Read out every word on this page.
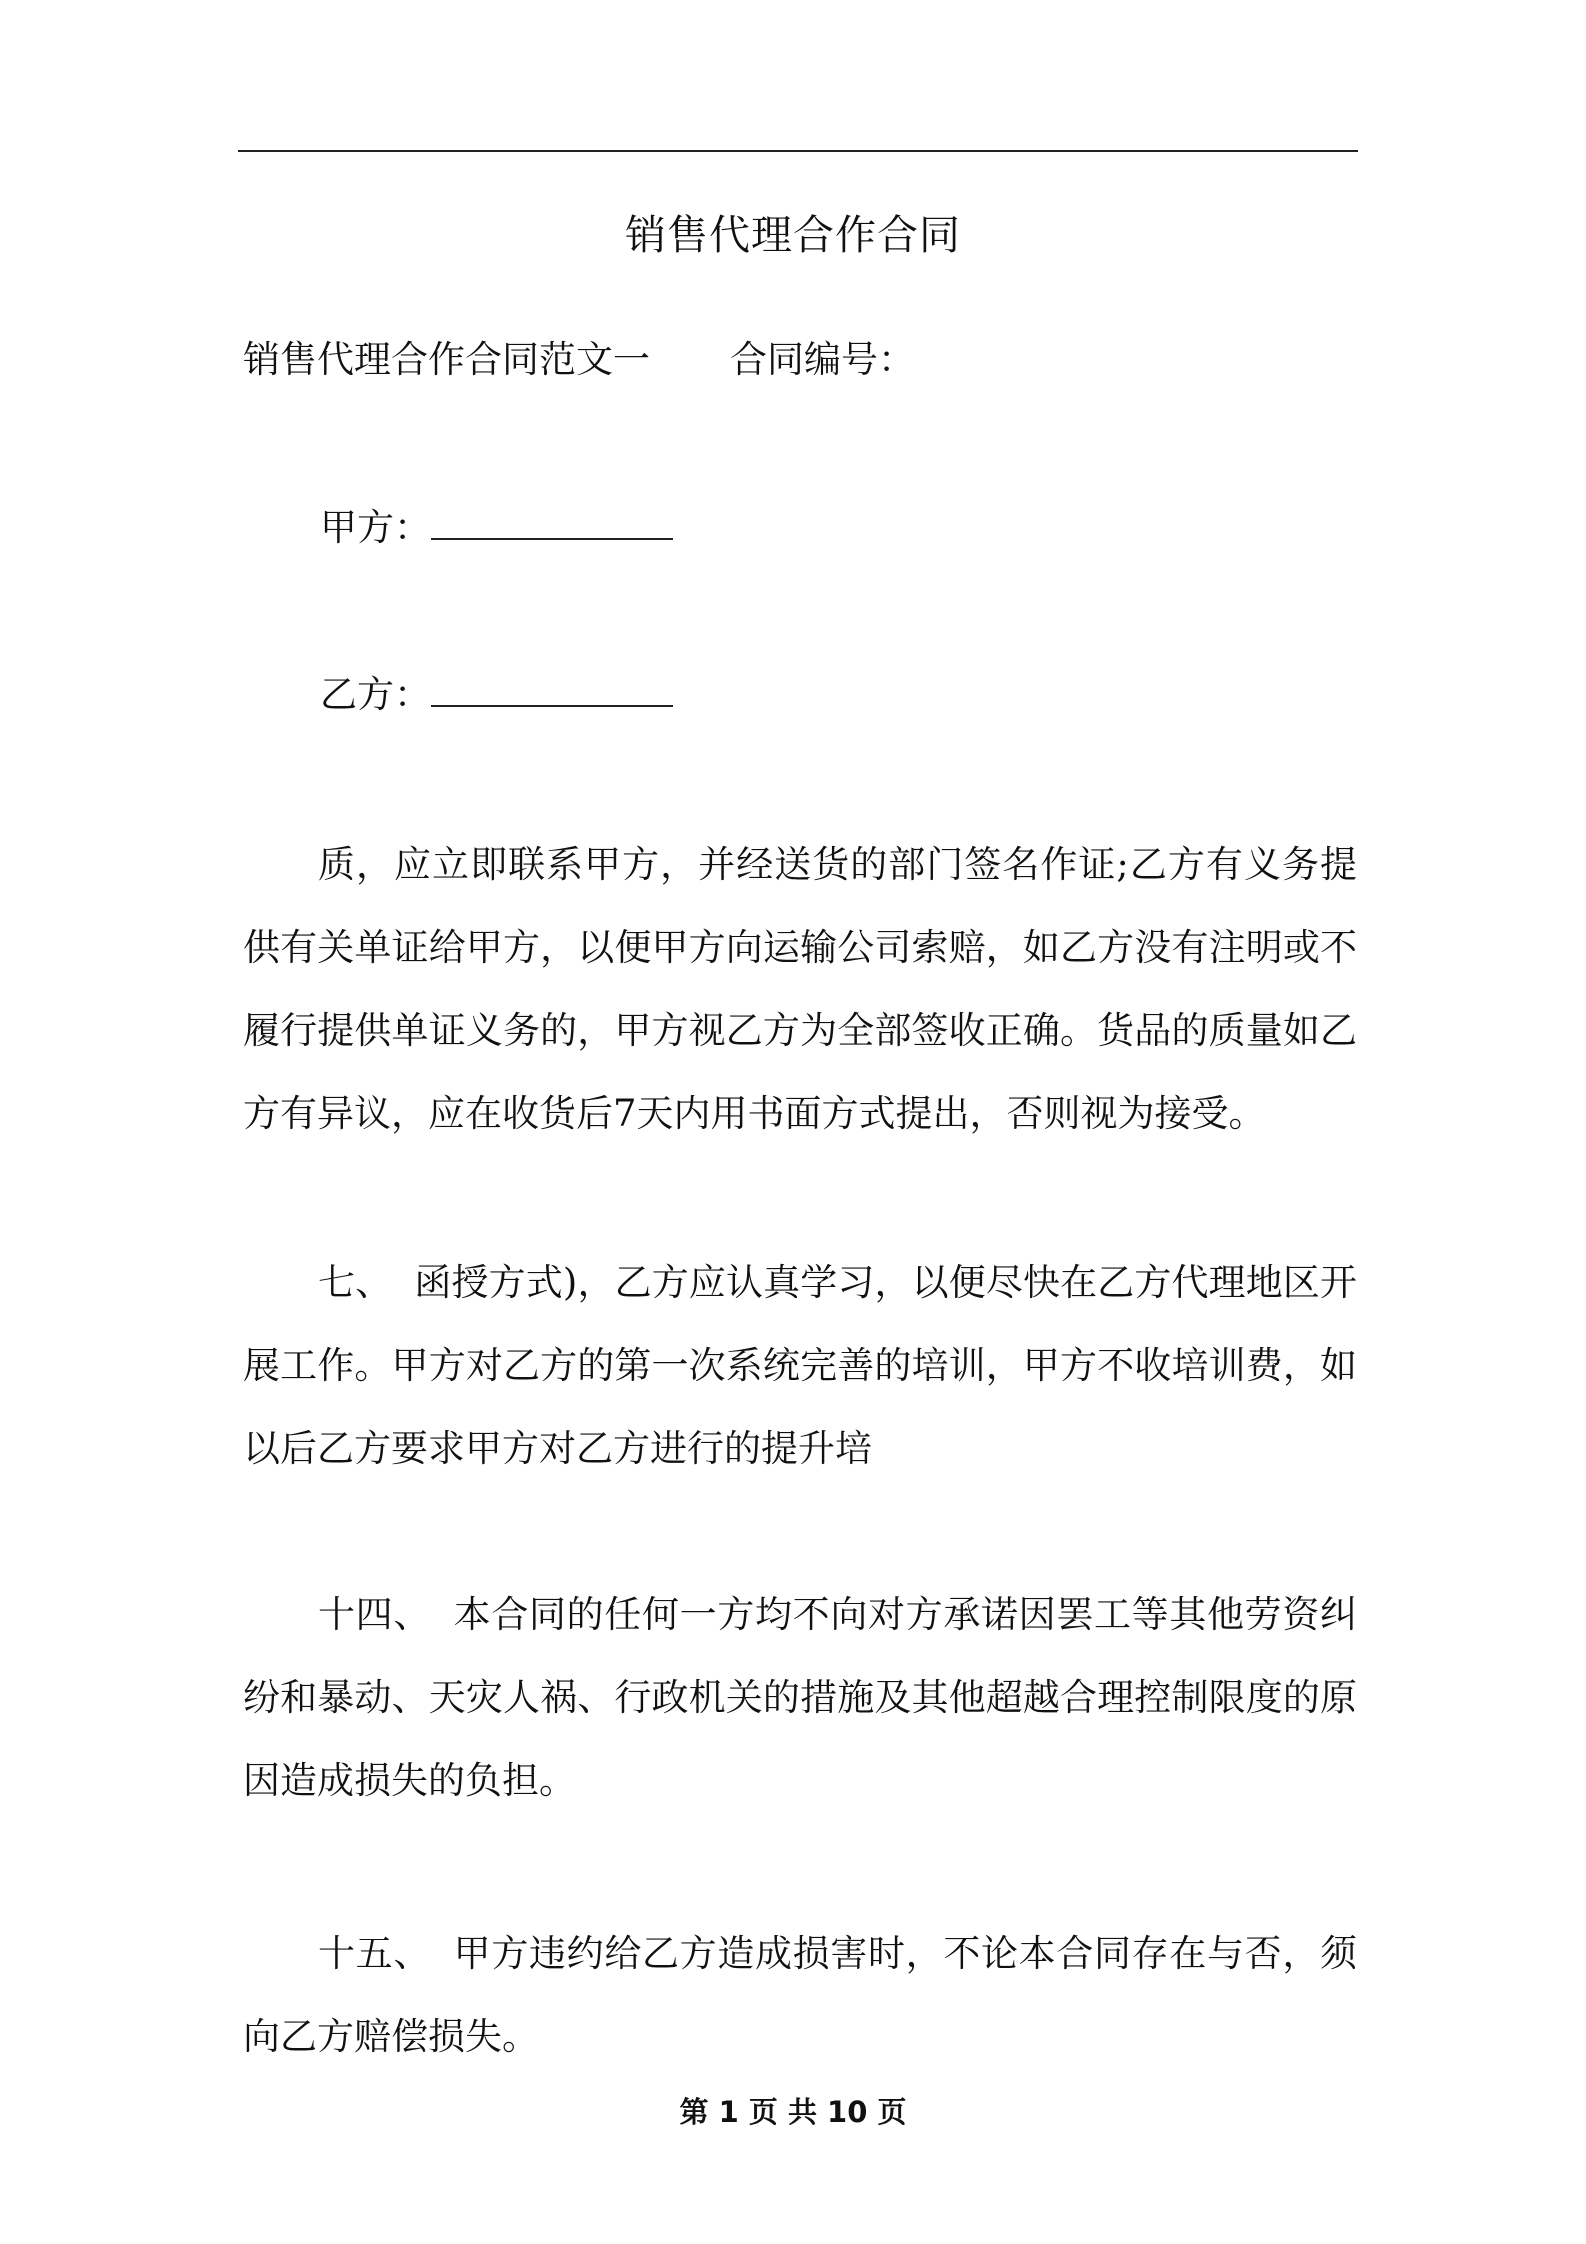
销售代理合作合同
销售代理合作合同范文一 合同编号：
甲方：
乙方：

质，应立即联系甲方，并经送货的部门签名作证;乙方有义务提供有关单证给甲方，以便甲方向运输公司索赔，如乙方没有注明或不履行提供单证义务的，甲方视乙方为全部签收正确。货品的质量如乙方有异议，应在收货后7天内用书面方式提出，否则视为接受。

七、 函授方式)，乙方应认真学习，以便尽快在乙方代理地区开展工作。甲方对乙方的第一次系统完善的培训，甲方不收培训费，如以后乙方要求甲方对乙方进行的提升培

十四、 本合同的任何一方均不向对方承诺因罢工等其他劳资纠纷和暴动、天灾人祸、行政机关的措施及其他超越合理控制限度的原因造成损失的负担。

十五、 甲方违约给乙方造成损害时，不论本合同存在与否，须向乙方赔偿损失。

第 1 页 共 10 页
